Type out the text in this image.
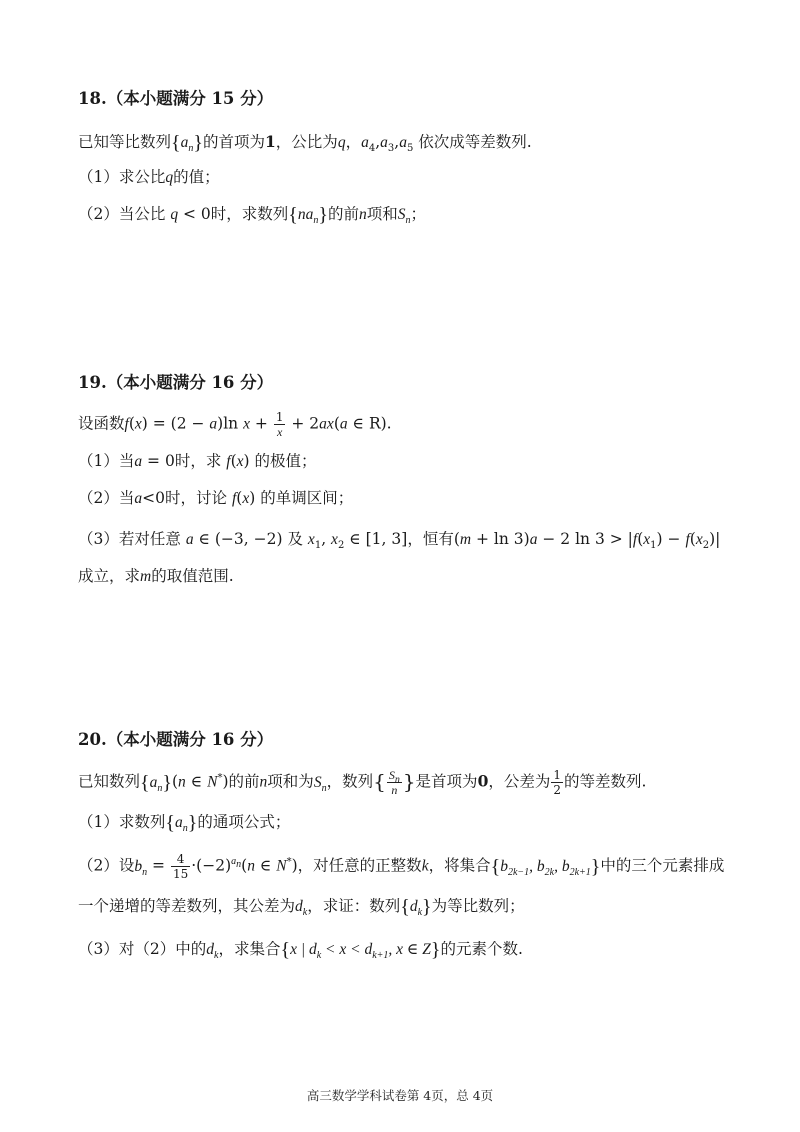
18.（本小题满分 15 分）
已知等比数列$\{a_n\}$的首项为1，公比为q，$a_4,a_3,a_5$ 依次成等差数列.
（1）求公比q的值；
（2）当公比 q < 0时，求数列$\{na_n\}$的前n项和$S_n$；
19.（本小题满分 16 分）
设函数f(x) = (2 − a)ln $x + \frac{1}{x} + 2ax(a$ ∈ R).
（1）当a = 0时，求 f(x) 的极值；
（2）当a<0时，讨论 f(x) 的单调区间；
（3）若对任意 a ∈ (−3, −2) 及 $x_1$, $x_2$ ∈ [1, 3]，恒有(m + ln 3)a − 2 $\ln 3 > |f(x_1) - f(x_2)|$
成立，求m的取值范围.
20.（本小题满分 16 分）
已知数列$\{a_n\}(n$ ∈ N*)的前n项和为$S_n$，数列{ $\frac{S_n}{n}$ }是首项为0，公差为 $\frac{1}{2}$ 的等差数列.
（1）求数列$\{a_n\}$的通项公式；
（2）设$b_n = \frac{4}{15} \cdot(-2)^{a_n}(n$ ∈ N*)，对任意的正整数k，将集合{$b_{2k-1}$, $b_{2k}$, $b_{2k+1}$}中的三个元素排成
一个递增的等差数列，其公差为$d_k$，求证：数列$\{d_k\}$为等比数列；
（3）对（2）中的$d_k$，求集合{x | $d_k < x < d_{k+1}$, x ∈ Z}的元素个数.
高三数学学科试卷第 4页，总 4页
